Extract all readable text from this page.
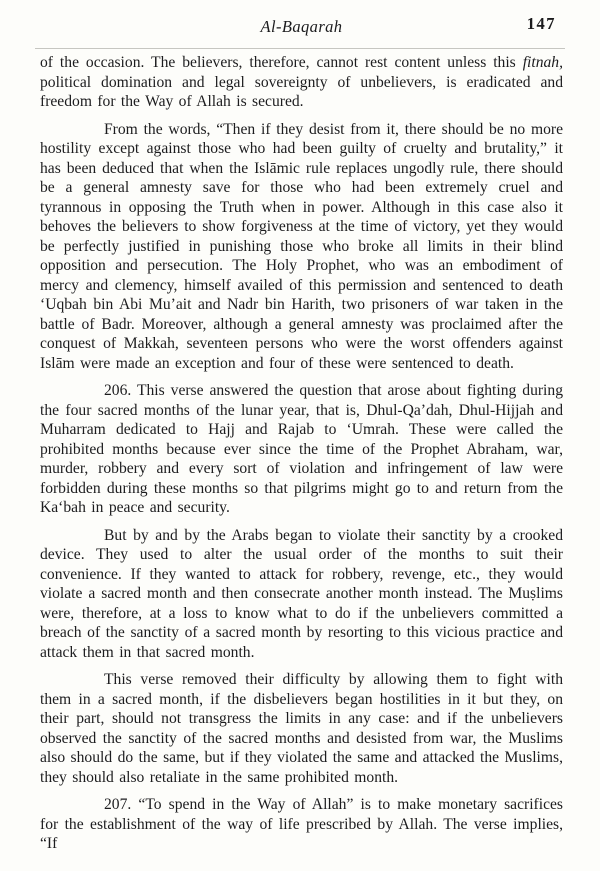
Al-Baqarah	147

of the occasion. The believers, therefore, cannot rest content unless this fitnah, political domination and legal sovereignty of unbelievers, is eradicated and freedom for the Way of Allah is secured.

From the words, “Then if they desist from it, there should be no more hostility except against those who had been guilty of cruelty and brutality,” it has been deduced that when the Islāmic rule replaces ungodly rule, there should be a general amnesty save for those who had been extremely cruel and tyrannous in opposing the Truth when in power. Although in this case also it behoves the believers to show forgiveness at the time of victory, yet they would be perfectly justified in punishing those who broke all limits in their blind opposition and persecution. The Holy Prophet, who was an embodiment of mercy and clemency, himself availed of this permission and sentenced to death ‘Uqbah bin Abi Mu’ait and Nadr bin Harith, two prisoners of war taken in the battle of Badr. Moreover, although a general amnesty was proclaimed after the conquest of Makkah, seventeen persons who were the worst offenders against Islām were made an exception and four of these were sentenced to death.

206. This verse answered the question that arose about fighting during the four sacred months of the lunar year, that is, Dhul-Qa’dah, Dhul-Hijjah and Muharram dedicated to Hajj and Rajab to ‘Umrah. These were called the prohibited months because ever since the time of the Prophet Abraham, war, murder, robbery and every sort of violation and infringement of law were forbidden during these months so that pilgrims might go to and return from the Ka‘bah in peace and security.

But by and by the Arabs began to violate their sanctity by a crooked device. They used to alter the usual order of the months to suit their convenience. If they wanted to attack for robbery, revenge, etc., they would violate a sacred month and then consecrate another month instead. The Muṣlims were, therefore, at a loss to know what to do if the unbelievers committed a breach of the sanctity of a sacred month by resorting to this vicious practice and attack them in that sacred month.

This verse removed their difficulty by allowing them to fight with them in a sacred month, if the disbelievers began hostilities in it but they, on their part, should not transgress the limits in any case: and if the unbelievers observed the sanctity of the sacred months and desisted from war, the Muslims also should do the same, but if they violated the same and attacked the Muslims, they should also retaliate in the same prohibited month.

207. “To spend in the Way of Allah” is to make monetary sacrifices for the establishment of the way of life prescribed by Allah. The verse implies, “If
